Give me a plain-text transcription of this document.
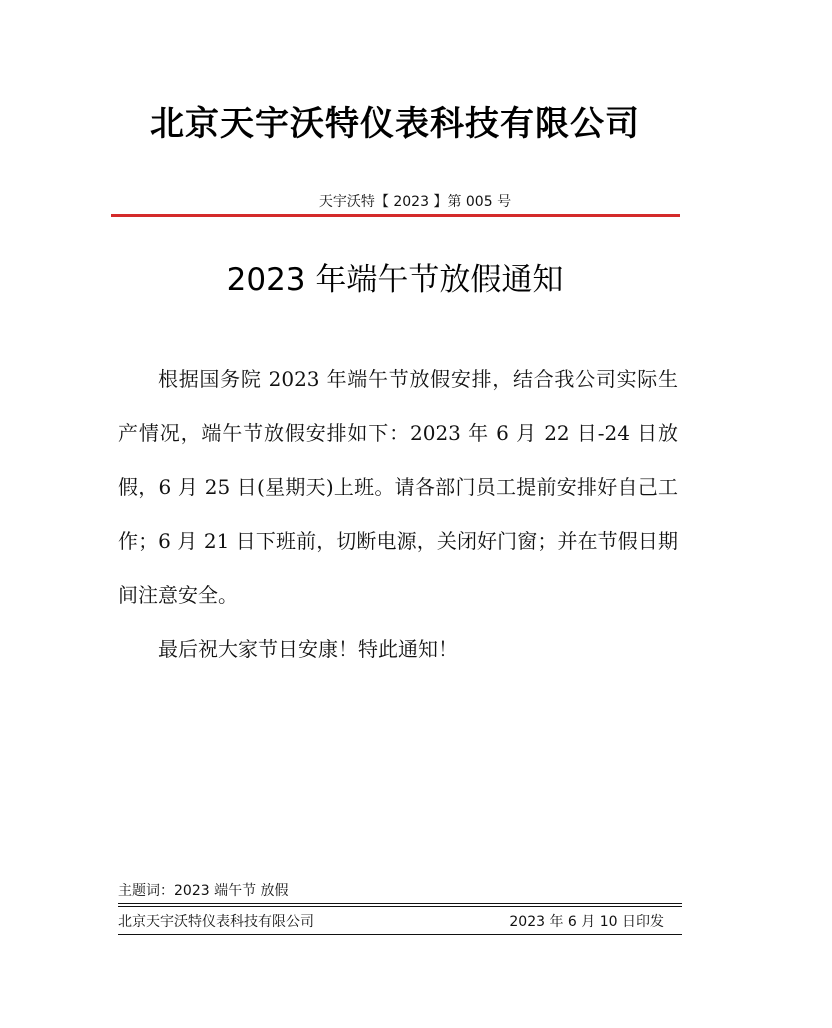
北京天宇沃特仪表科技有限公司
天宇沃特【 2023 】第 005 号
2023 年端午节放假通知

根据国务院 2023 年端午节放假安排，结合我公司实际生产情况，端午节放假安排如下：2023 年 6 月 22 日-24 日放假，6 月 25 日(星期天)上班。请各部门员工提前安排好自己工作；6 月 21 日下班前，切断电源，关闭好门窗；并在节假日期间注意安全。

最后祝大家节日安康！特此通知！

主题词：2023 端午节 放假
北京天宇沃特仪表科技有限公司	2023 年 6 月 10 日印发
